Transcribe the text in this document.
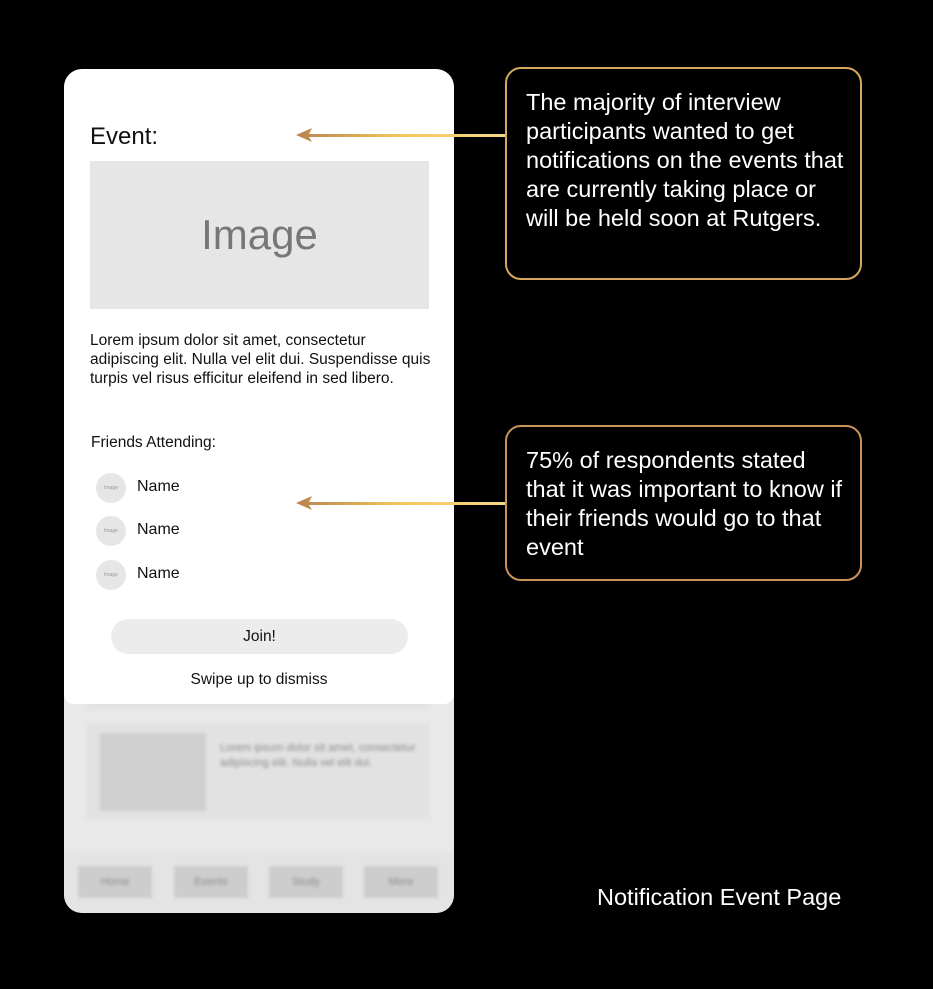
Lorem ipsum dolor sit amet, consectetur adipiscing elit. Nulla vel elit dui.
Home	Events	Study	More
Event:
Image
Lorem ipsum dolor sit amet, consectetur adipiscing elit. Nulla vel elit dui. Suspendisse quis turpis vel risus efficitur eleifend in sed libero.
Friends Attending:
Image	Name
Image	Name
Image	Name
Join!
Swipe up to dismiss
The majority of interview participants wanted to get notifications on the events that are currently taking place or will be held soon at Rutgers.
75% of respondents stated that it was important to know if their friends would go to that event
Notification Event Page
